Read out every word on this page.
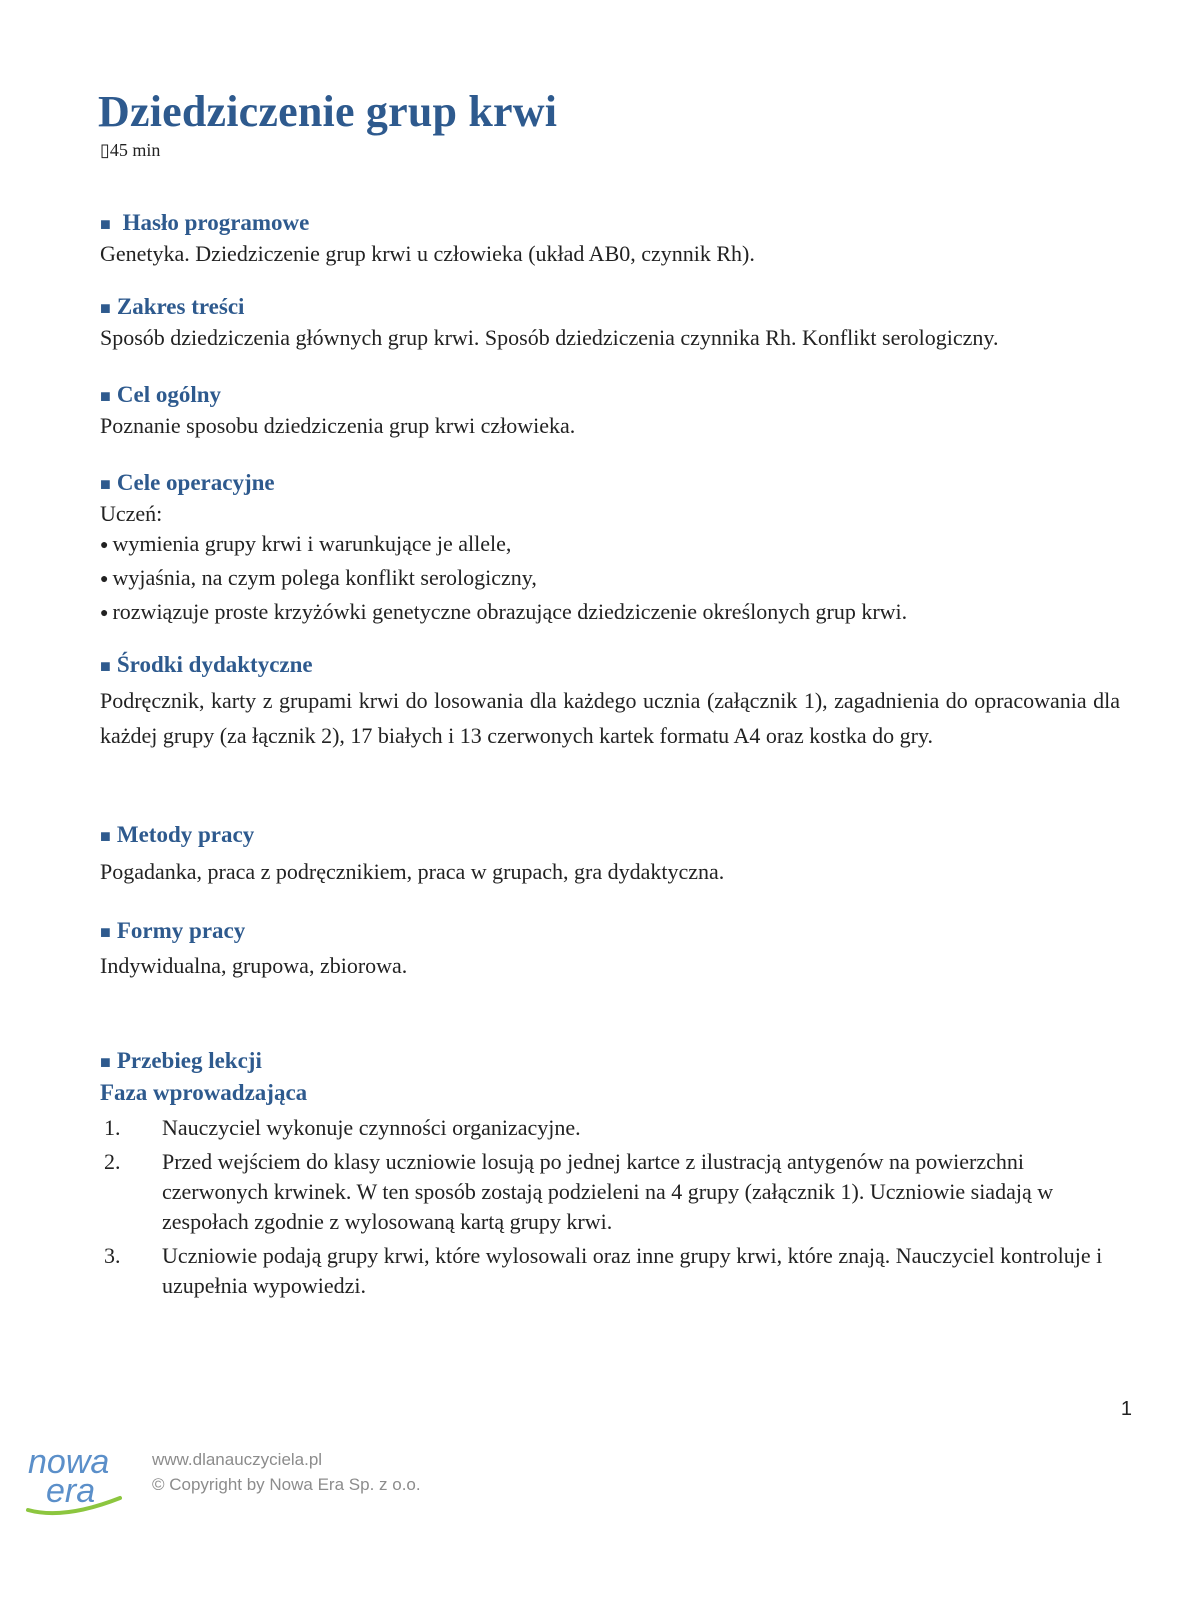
Dziedziczenie grup krwi
▯45 min
■ Hasło programowe

Genetyka. Dziedziczenie grup krwi u człowieka (układ AB0, czynnik Rh).

■ Zakres treści

Sposób dziedziczenia głównych grup krwi. Sposób dziedziczenia czynnika Rh. Konflikt serologiczny.

■ Cel ogólny

Poznanie sposobu dziedziczenia grup krwi człowieka.

■ Cele operacyjne

Uczeń:

● wymienia grupy krwi i warunkujące je allele,

● wyjaśnia, na czym polega konflikt serologiczny,

● rozwiązuje proste krzyżówki genetyczne obrazujące dziedziczenie określonych grup krwi.

■ Środki dydaktyczne

Podręcznik, karty z grupami krwi do losowania dla każdego ucznia (załącznik 1), zagadnienia do opracowania dla każdej grupy (za łącznik 2), 17 białych i 13 czerwonych kartek formatu A4 oraz kostka do gry.

■ Metody pracy

Pogadanka, praca z podręcznikiem, praca w grupach, gra dydaktyczna.

■ Formy pracy

Indywidualna, grupowa, zbiorowa.

■ Przebieg lekcji
Faza wprowadzająca
1. Nauczyciel wykonuje czynności organizacyjne.
2. Przed wejściem do klasy uczniowie losują po jednej kartce z ilustracją antygenów na powierzchni czerwonych krwinek. W ten sposób zostają podzieleni na 4 grupy (załącznik 1). Uczniowie siadają w zespołach zgodnie z wylosowaną kartą grupy krwi.
3. Uczniowie podają grupy krwi, które wylosowali oraz inne grupy krwi, które znają. Nauczyciel kontroluje i uzupełnia wypowiedzi.
1
nowa
era
www.dlanauczyciela.pl
© Copyright by Nowa Era Sp. z o.o.
